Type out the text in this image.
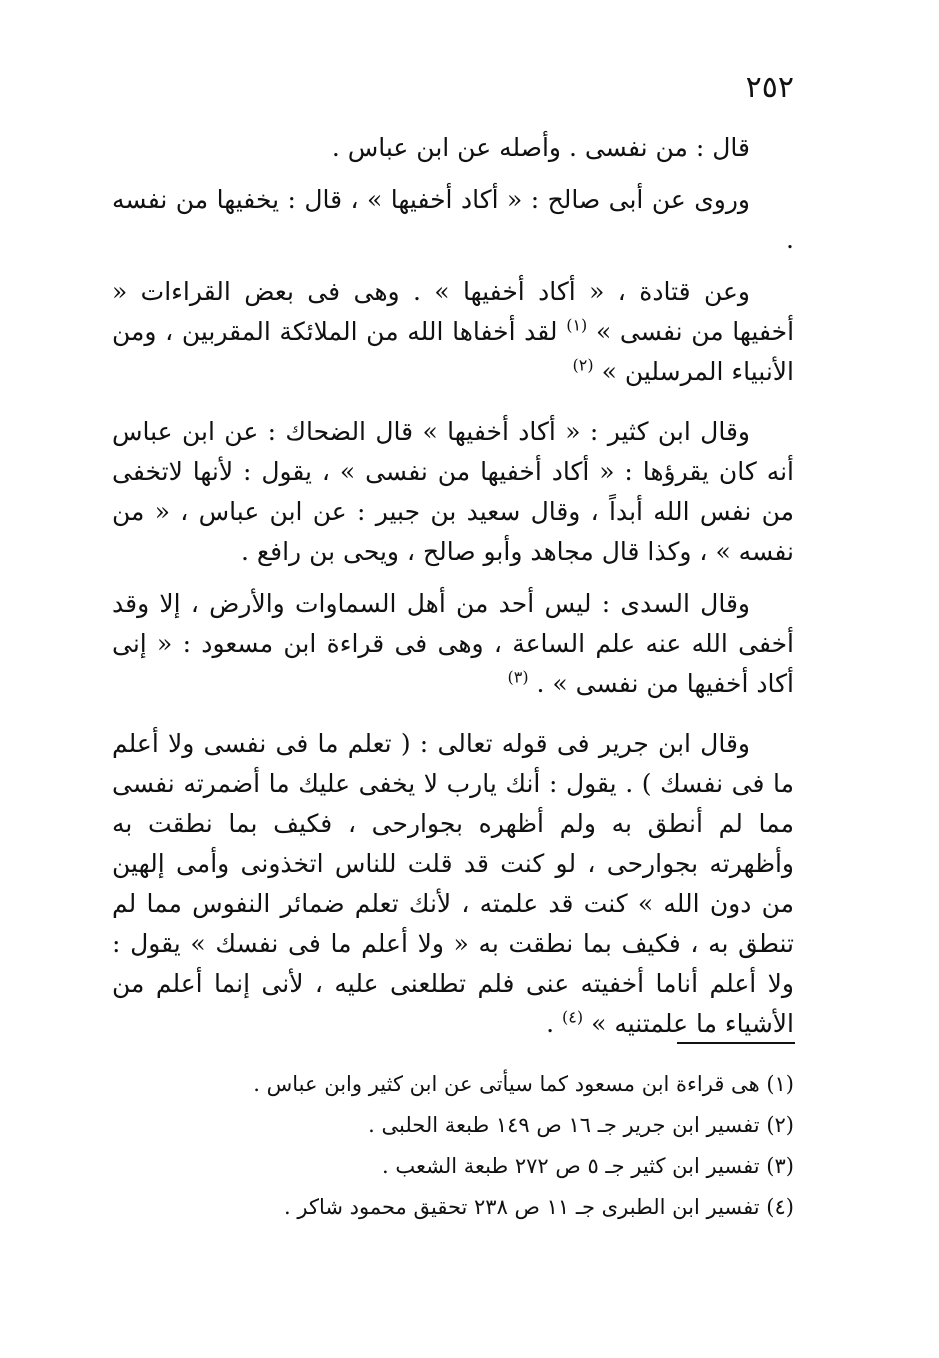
٢٥٢

قال : من نفسى . وأصله عن ابن عباس .

وروى عن أبى صالح : « أكاد أخفيها » ، قال : يخفيها من نفسه .

وعن قتادة ، « أكاد أخفيها » . وهى فى بعض القراءات « أخفيها من نفسى » $^{(١)}$ لقد أخفاها الله من الملائكة المقربين ، ومن الأنبياء المرسلين » $^{(٢)}$

وقال ابن كثير : « أكاد أخفيها » قال الضحاك : عن ابن عباس أنه كان يقرؤها : « أكاد أخفيها من نفسى » ، يقول : لأنها لاتخفى من نفس الله أبداً ، وقال سعيد بن جبير : عن ابن عباس ، « من نفسه » ، وكذا قال مجاهد وأبو صالح ، ويحى بن رافع .

وقال السدى : ليس أحد من أهل السماوات والأرض ، إلا وقد أخفى الله عنه علم الساعة ، وهى فى قراءة ابن مسعود : « إنى أكاد أخفيها من نفسى » . $^{(٣)}$

وقال ابن جرير فى قوله تعالى : ( تعلم ما فى نفسى ولا أعلم ما فى نفسك ) . يقول : أنك يارب لا يخفى عليك ما أضمرته نفسى مما لم أنطق به ولم أظهره بجوارحى ، فكيف بما نطقت به وأظهرته بجوارحى ، لو كنت قد قلت للناس اتخذونى وأمى إلهين من دون الله » كنت قد علمته ، لأنك تعلم ضمائر النفوس مما لم تنطق به ، فكيف بما نطقت به « ولا أعلم ما فى نفسك » يقول : ولا أعلم أناما أخفيته عنى فلم تطلعنى عليه ، لأنى إنما أعلم من الأشياء ما علمتنيه » $^{(٤)}$ .

(١) هى قراءة ابن مسعود كما سيأتى عن ابن كثير وابن عباس .

(٢) تفسير ابن جرير جـ ١٦ ص ١٤٩ طبعة الحلبى .

(٣) تفسير ابن كثير جـ ٥ ص ٢٧٢ طبعة الشعب .

(٤) تفسير ابن الطبرى جـ ١١ ص ٢٣٨ تحقيق محمود شاكر .
